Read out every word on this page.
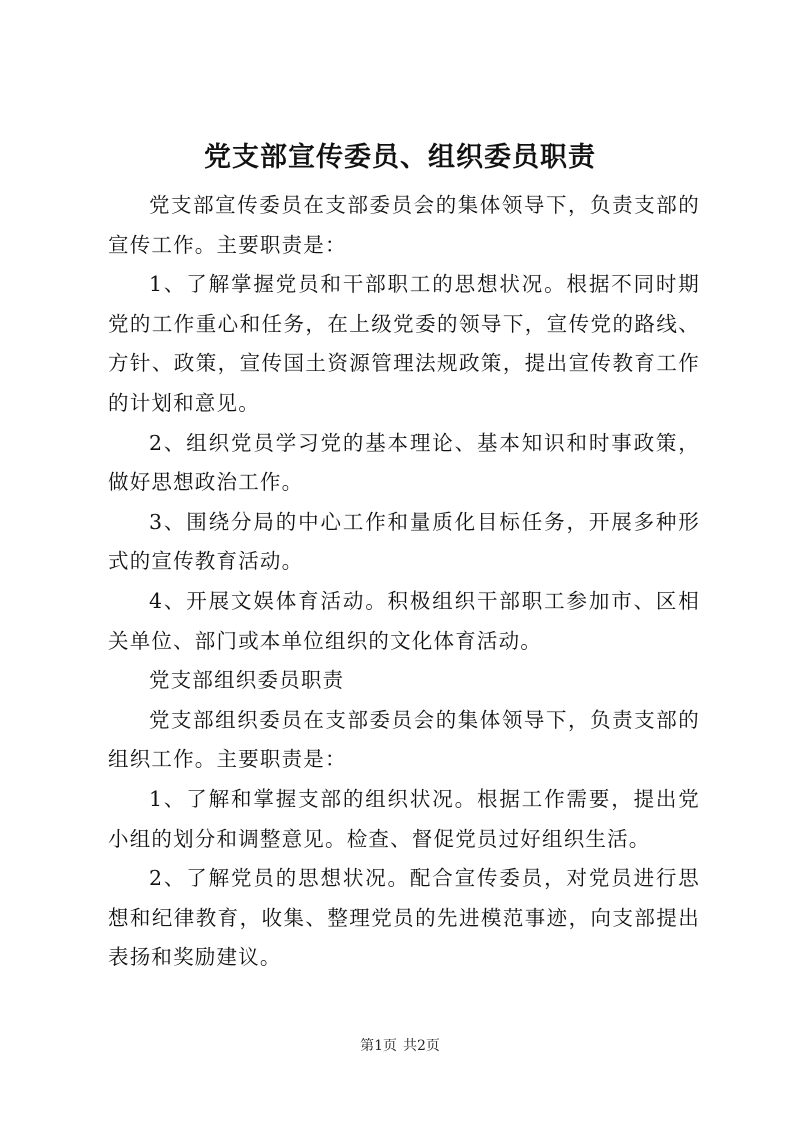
党支部宣传委员、组织委员职责

党支部宣传委员在支部委员会的集体领导下，负责支部的宣传工作。主要职责是：

1、了解掌握党员和干部职工的思想状况。根据不同时期党的工作重心和任务，在上级党委的领导下，宣传党的路线、方针、政策，宣传国土资源管理法规政策，提出宣传教育工作的计划和意见。

2、组织党员学习党的基本理论、基本知识和时事政策，做好思想政治工作。

3、围绕分局的中心工作和量质化目标任务，开展多种形式的宣传教育活动。

4、开展文娱体育活动。积极组织干部职工参加市、区相关单位、部门或本单位组织的文化体育活动。

党支部组织委员职责

党支部组织委员在支部委员会的集体领导下，负责支部的组织工作。主要职责是：

1、了解和掌握支部的组织状况。根据工作需要，提出党小组的划分和调整意见。检查、督促党员过好组织生活。

2、了解党员的思想状况。配合宣传委员，对党员进行思想和纪律教育，收集、整理党员的先进模范事迹，向支部提出表扬和奖励建议。

第1页 共2页
